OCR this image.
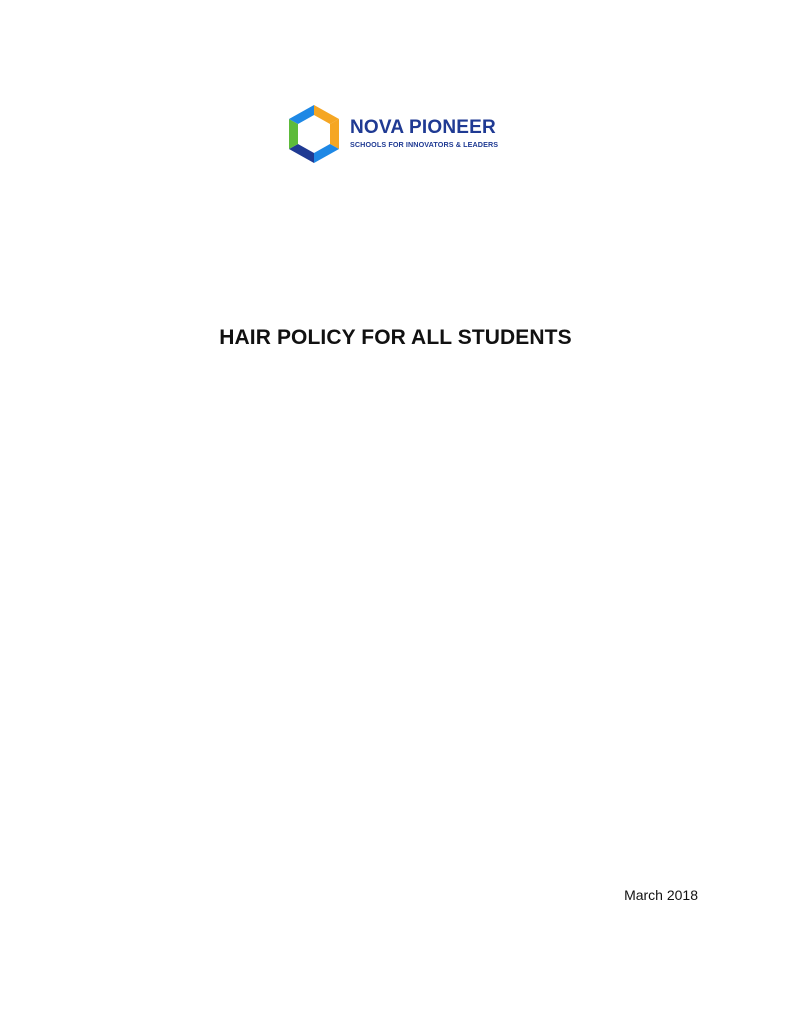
NOVA PIONEER
SCHOOLS FOR INNOVATORS & LEADERS
HAIR POLICY FOR ALL STUDENTS
March 2018
